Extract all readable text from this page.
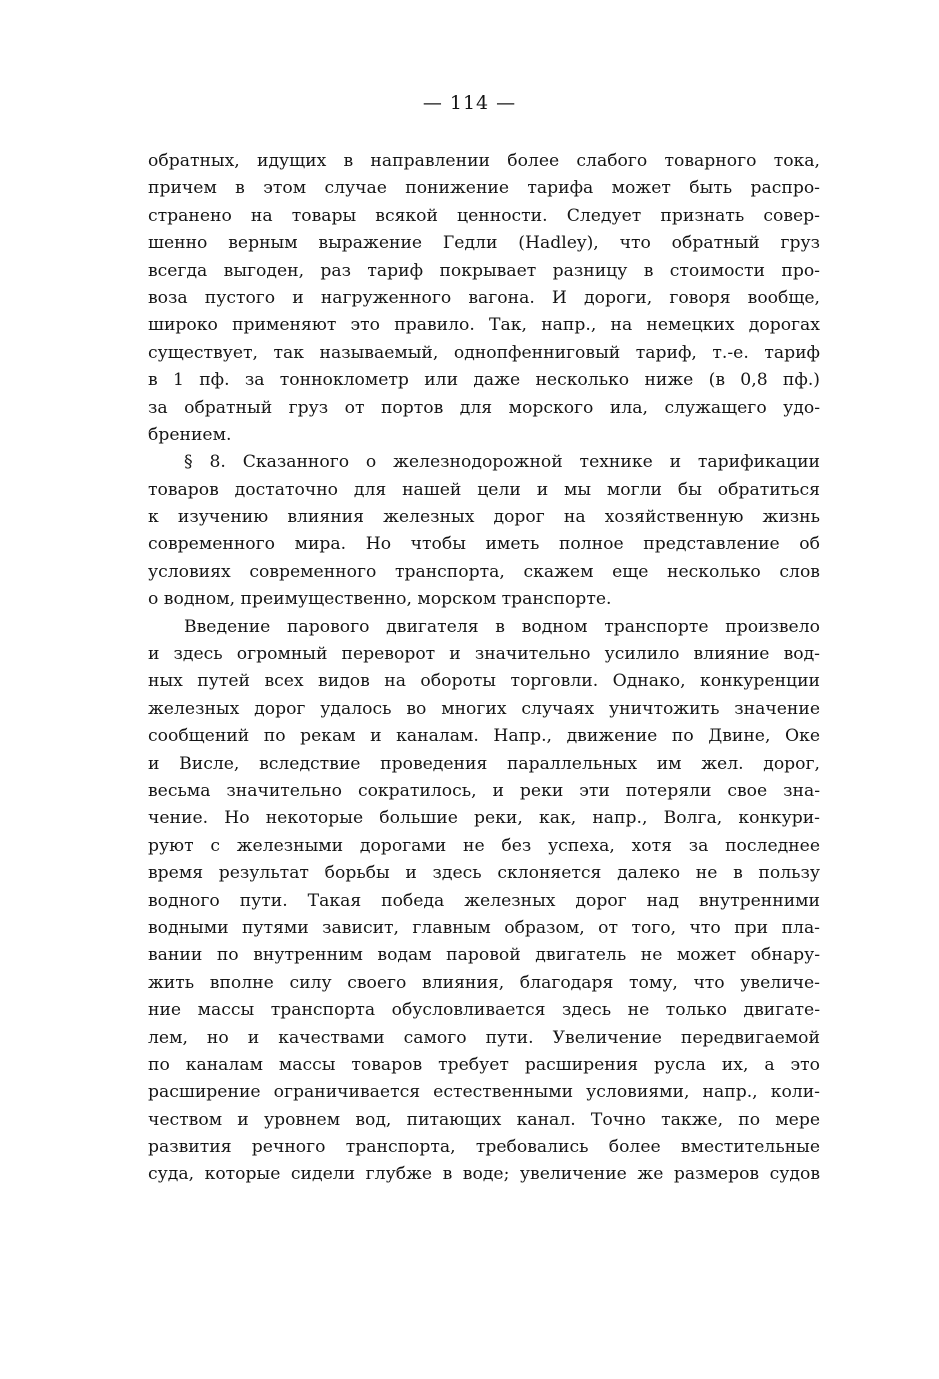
— 114 —
обратных, идущих в направлении более слабого товарного тока,
причем в этом случае понижение тарифа может быть распро-
странено на товары всякой ценности. Следует признать совер-
шенно верным выражение Гедли (Hadley), что обратный груз
всегда выгоден, раз тариф покрывает разницу в стоимости про-
воза пустого и нагруженного вагона. И дороги, говоря вообще,
широко применяют это правило. Так, напр., на немецких дорогах
существует, так называемый, однопфенниговый тариф, т.-е. тариф
в 1 пф. за тонноклометр или даже несколько ниже (в 0,8 пф.)
за обратный груз от портов для морского ила, служащего удо-
брением.
§ 8. Сказанного о железнодорожной технике и тарификации
товаров достаточно для нашей цели и мы могли бы обратиться
к изучению влияния железных дорог на хозяйственную жизнь
современного мира. Но чтобы иметь полное представление об
условиях современного транспорта, скажем еще несколько слов
о водном, преимущественно, морском транспорте.
Введение парового двигателя в водном транспорте произвело
и здесь огромный переворот и значительно усилило влияние вод-
ных путей всех видов на обороты торговли. Однако, конкуренции
железных дорог удалось во многих случаях уничтожить значение
сообщений по рекам и каналам. Напр., движение по Двине, Оке
и Висле, вследствие проведения параллельных им жел. дорог,
весьма значительно сократилось, и реки эти потеряли свое зна-
чение. Но некоторые большие реки, как, напр., Волга, конкури-
руют с железными дорогами не без успеха, хотя за последнее
время результат борьбы и здесь склоняется далеко не в пользу
водного пути. Такая победа железных дорог над внутренними
водными путями зависит, главным образом, от того, что при пла-
вании по внутренним водам паровой двигатель не может обнару-
жить вполне силу своего влияния, благодаря тому, что увеличе-
ние массы транспорта обусловливается здесь не только двигате-
лем, но и качествами самого пути. Увеличение передвигаемой
по каналам массы товаров требует расширения русла их, а это
расширение ограничивается естественными условиями, напр., коли-
чеством и уровнем вод, питающих канал. Точно также, по мере
развития речного транспорта, требовались более вместительные
суда, которые сидели глубже в воде; увеличение же размеров судов
